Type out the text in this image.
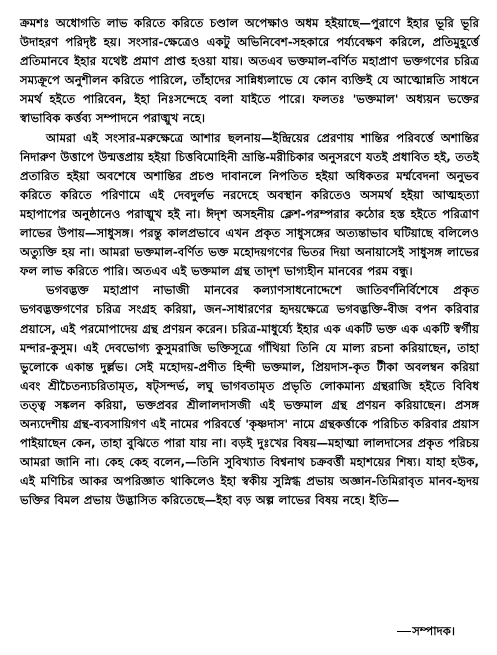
ক্রমশঃ অধোগতি লাভ করিতে করিতে চণ্ডাল অপেক্ষাও অধম হইয়াছে—পুরাণে ইহার ভূরি ভূরি উদাহরণ পরিদৃষ্ট হয়। সংসার-ক্ষেত্রেও একটু অভিনিবেশ-সহকারে পর্য্যবেক্ষণ করিলে, প্রতিমুহূর্ত্তে প্রতিমানবে ইহার যথেষ্ট প্রমাণ প্রাপ্ত হওয়া যায়। অতএব ভক্তমাল-বর্ণিত মহাপ্রাণ ভক্তগণের চরিত্র সম্যক্রূপে অনুশীলন করিতে পারিলে, তাঁহাদের সান্নিধ্যলাভে যে কোন ব্যক্তিই যে আত্মোন্নতি সাধনে সমর্থ হইতে পারিবেন, ইহা নিঃসন্দেহে বলা যাইতে পারে। ফলতঃ 'ভক্তমাল' অধ্যয়ন ভক্তের স্বাভাবিক কর্ত্তব্য সম্পাদনে পরাঙ্মুখ নহে।

আমরা এই সংসার-মরুক্ষেত্রে আশার ছলনায়—ইন্দ্রিয়ের প্রেরণায় শান্তির পরিবর্ত্তে অশান্তির নিদারুণ উত্তাপে উন্মত্তপ্রায় হইয়া চিত্তবিমোহিনী ভ্রান্তি-মরীচিকার অনুসরণে যতই প্রধাবিত হই, ততই প্রতারিত হইয়া অবশেষে অশান্তির প্রচণ্ড দাবানলে নিপতিত হইয়া অধিকতর মর্ম্মবেদনা অনুভব করিতে করিতে পরিণামে এই দেবদুর্লভ নরদেহে অবস্থান করিতেও অসমর্থ হইয়া আত্মহত্যা মহাপাপের অনুষ্ঠানেও পরাঙ্মুখ হই না। ঈদৃশ অসহনীয় ক্লেশ-পরম্পরার কঠোর হস্ত হইতে পরিত্রাণ লাভের উপায়—সাধুসঙ্গ। পরন্তু কালপ্রভাবে এখন প্রকৃত সাধুসঙ্গের অত্যন্তাভাব ঘটিয়াছে বলিলেও অত্যুক্তি হয় না। আমরা ভক্তমাল-বর্ণিত ভক্ত মহোদয়গণের ভিতর দিয়া অনায়াসেই সাধুসঙ্গ লাভের ফল লাভ করিতে পারি। অতএব এই ভক্তমাল গ্রন্থ তাদৃশ ভাগ্যহীন মানবের পরম বন্ধু।

ভগবদ্ভক্ত মহাপ্রাণ নাভাজী মানবের কল্যাণসাধনোদ্দেশে জাতিবর্ণনির্বিশেষে প্রকৃত ভগবদ্ভক্তগণের চরিত্র সংগ্রহ করিয়া, জন-সাধারণের হৃদয়ক্ষেত্রে ভগবদ্ভক্তি-বীজ বপন করিবার প্রয়াসে, এই পরমোপাদেয় গ্রন্থ প্রণয়ন করেন। চরিত্র-মাধুর্য্যে ইহার এক একটি ভক্ত এক একটি স্বর্গীয় মন্দার-কুসুম। এই দেবভোগ্য কুসুমরাজি ভক্তিসূত্রে গাঁথিয়া তিনি যে মাল্য রচনা করিয়াছেন, তাহা ভুলোকে একান্ত দুর্ল্লভ। সেই মহোদয়-প্রণীত হিন্দী ভক্তমাল, প্রিয়দাস-কৃত টীকা অবলম্বন করিয়া এবং শ্রীচৈতন্যচরিতামৃত, ষট্সন্দর্ভ, লঘু ভাগবতামৃত প্রভৃতি লোকমান্য গ্রন্থরাজি হইতে বিবিধ তত্ত্ব সঙ্কলন করিয়া, ভক্তপ্রবর শ্রীলালদাসজী এই ভক্তমাল গ্রন্থ প্রণয়ন করিয়াছেন। প্রসঙ্গ অন্যদেশীয় গ্রন্থ-ব্যবসায়িগণ এই নামের পরিবর্ত্তে 'কৃষ্ণদাস' নামে গ্রন্থকর্ত্তাকে পরিচিত করিবার প্রয়াস পাইয়াছেন কেন, তাহা বুঝিতে পারা যায় না। বড়ই দুঃখের বিষয়—মহাত্মা লালদাসের প্রকৃত পরিচয় আমরা জানি না। কেহ কেহ বলেন,—তিনি সুবিখ্যাত বিশ্বনাথ চক্রবর্ত্তী মহাশয়ের শিষ্য। যাহা হউক, এই মণিচির আকর অপরিজ্ঞাত থাকিলেও ইহা স্বকীয় সুস্নিগ্ধ প্রভায় অজ্ঞান-তিমিরাবৃত মানব-হৃদয় ভক্তির বিমল প্রভায় উদ্ভাসিত করিতেছে—ইহা বড় অল্প লাভের বিষয় নহে। ইতি—

সম্পাদক।
